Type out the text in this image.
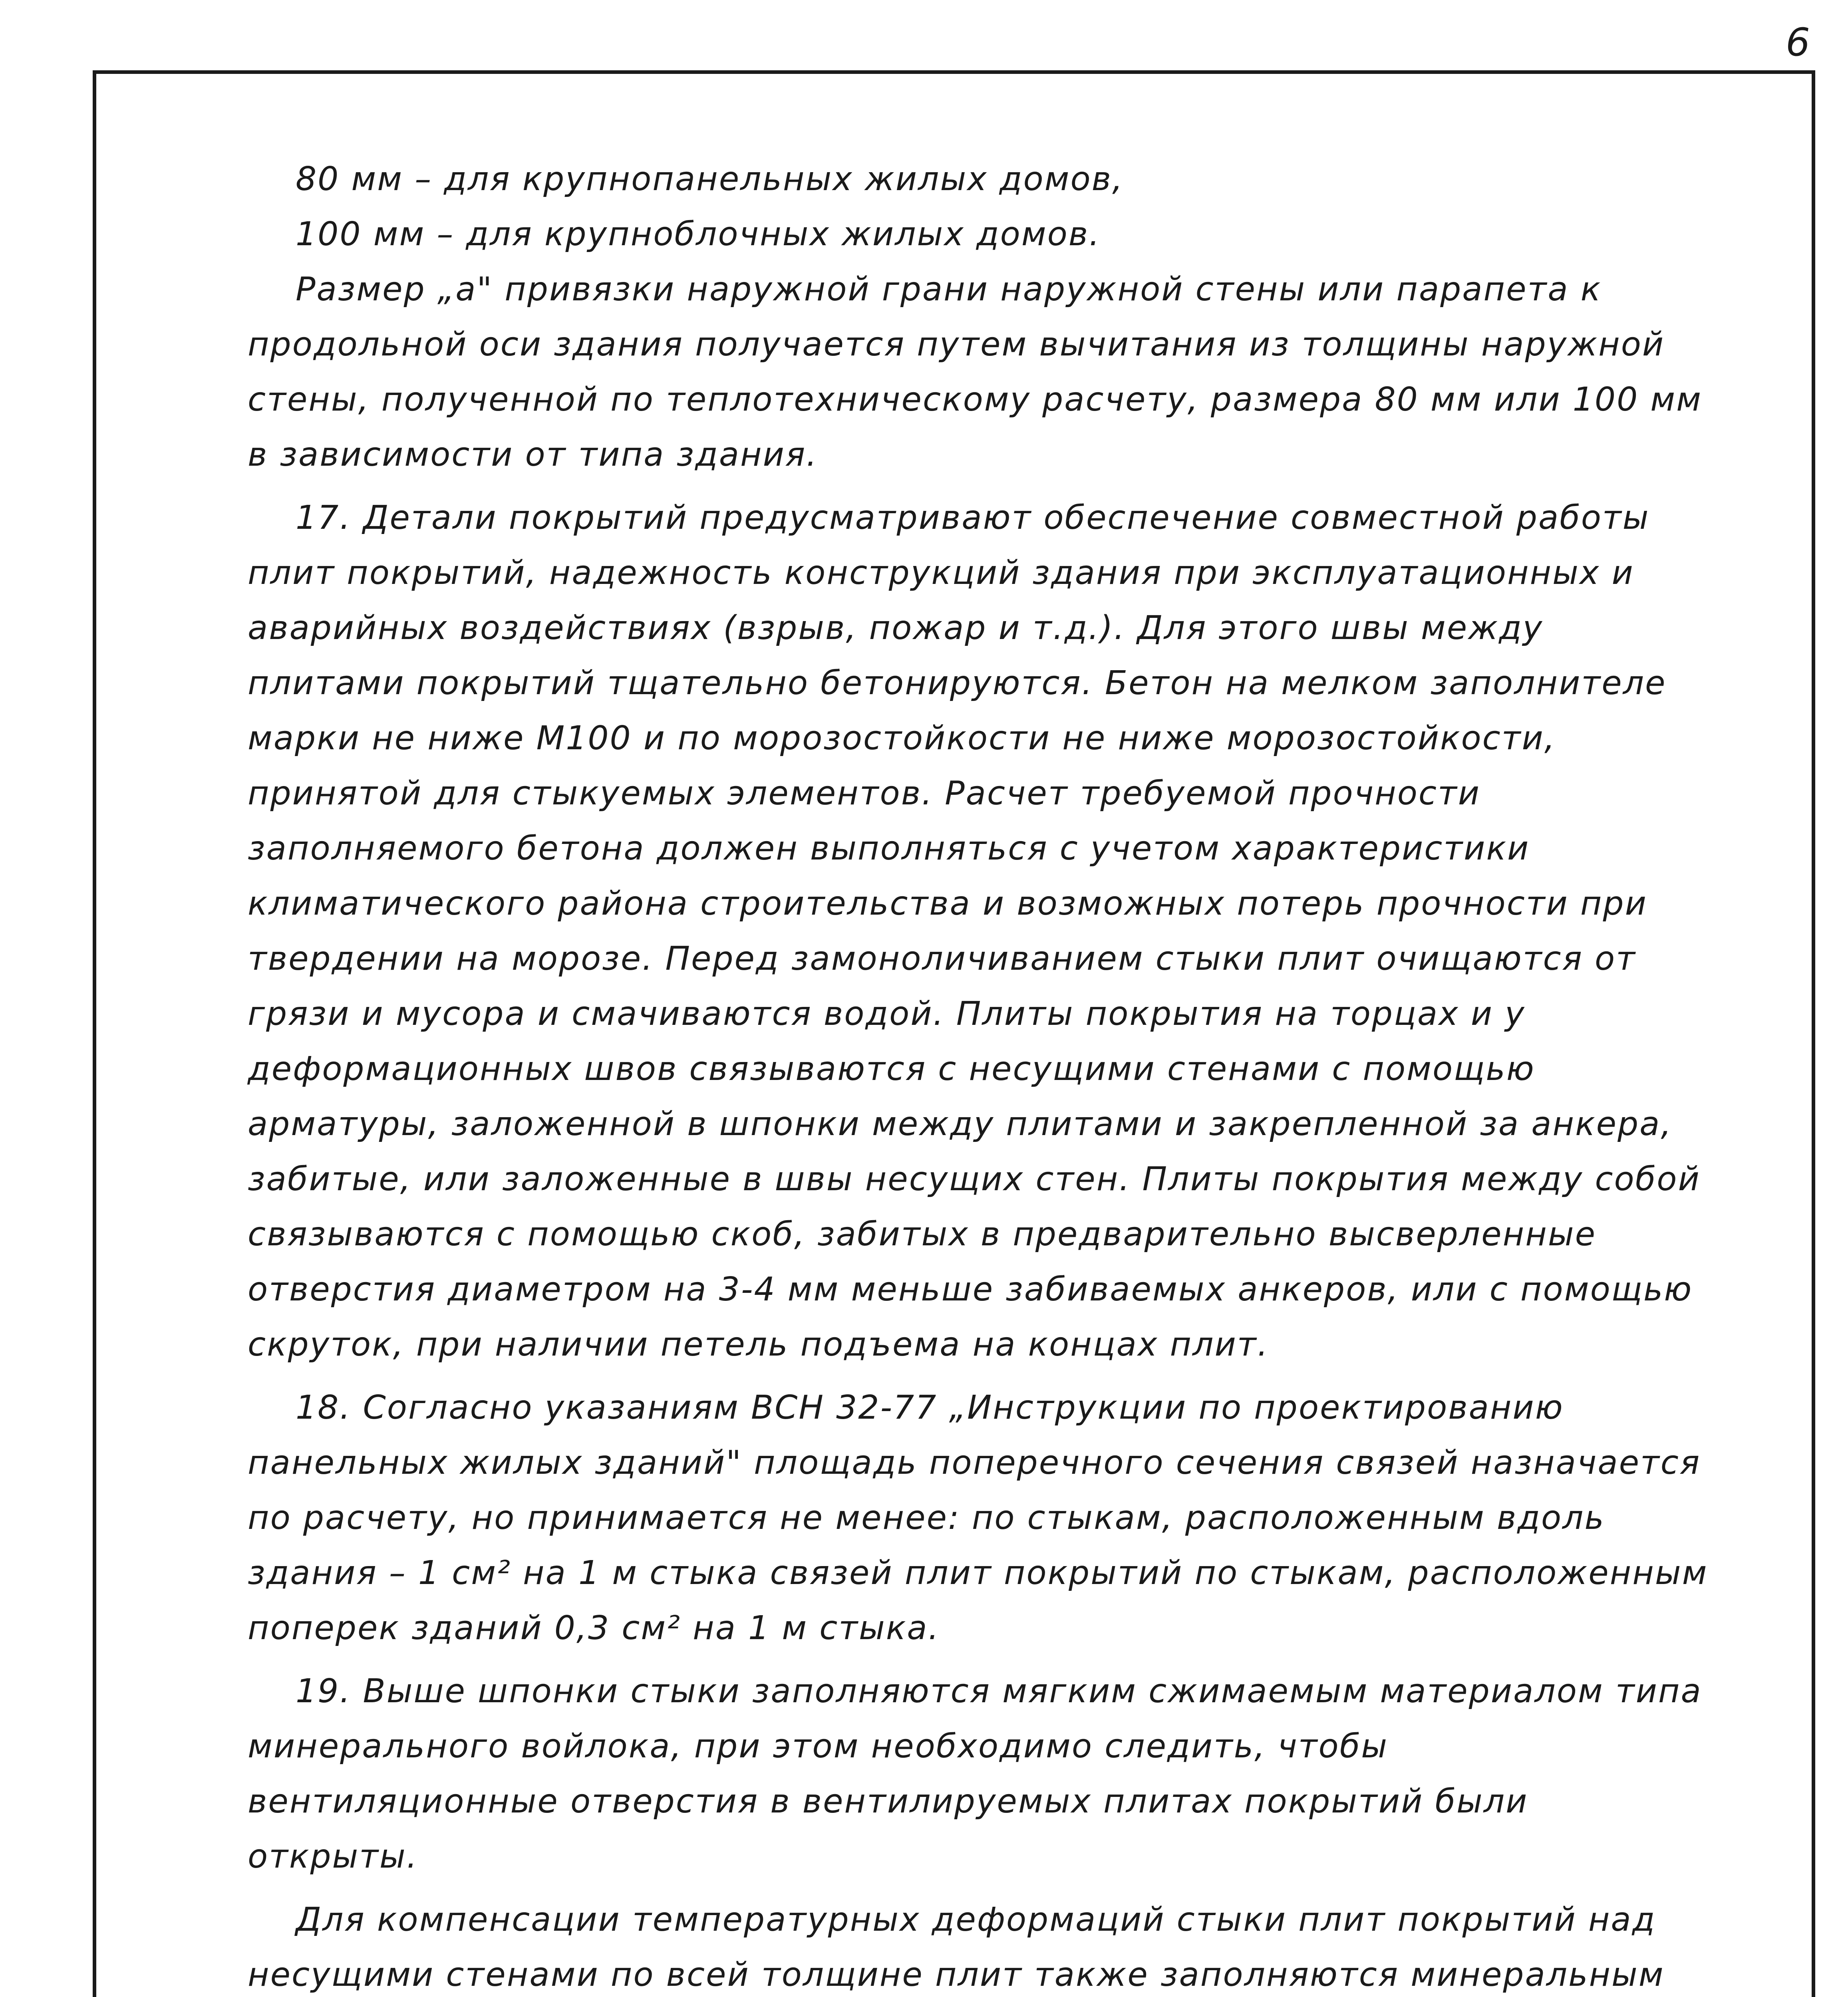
6

80 мм – для крупнопанельных жилых домов,

100 мм – для крупноблочных жилых домов.

Размер „а" привязки наружной грани наружной стены или парапета к продольной оси здания получается путем вычитания из толщины наружной стены, полученной по теплотехническому расчету, размера 80 мм или 100 мм в зависимости от типа здания.

17. Детали покрытий предусматривают обеспечение совместной работы плит покрытий, надежность конструкций здания при эксплуатационных и аварийных воздействиях (взрыв, пожар и т.д.). Для этого швы между плитами покрытий тщательно бетонируются. Бетон на мелком заполнителе марки не ниже М100 и по морозостойкости не ниже морозостойкости, принятой для стыкуемых элементов. Расчет требуемой прочности заполняемого бетона должен выполняться с учетом характеристики климатического района строительства и возможных потерь прочности при твердении на морозе. Перед замоноличиванием стыки плит очищаются от грязи и мусора и смачиваются водой. Плиты покрытия на торцах и у деформационных швов связываются с несущими стенами с помощью арматуры, заложенной в шпонки между плитами и закрепленной за анкера, забитые, или заложенные в швы несущих стен. Плиты покрытия между собой связываются с помощью скоб, забитых в предварительно высверленные отверстия диаметром на 3-4 мм меньше забиваемых анкеров, или с помощью скруток, при наличии петель подъема на концах плит.

18. Согласно указаниям ВСН 32-77 „Инструкции по проектированию панельных жилых зданий" площадь поперечного сечения связей назначается по расчету, но принимается не менее: по стыкам, расположенным вдоль здания – 1 см² на 1 м стыка связей плит покрытий по стыкам, расположенным поперек зданий 0,3 см² на 1 м стыка.

19. Выше шпонки стыки заполняются мягким сжимаемым материалом типа минерального войлока, при этом необходимо следить, чтобы вентиляционные отверстия в вентилируемых плитах покрытий были открыты.

Для компенсации температурных деформаций стыки плит покрытий над несущими стенами по всей толщине плит также заполняются минеральным
